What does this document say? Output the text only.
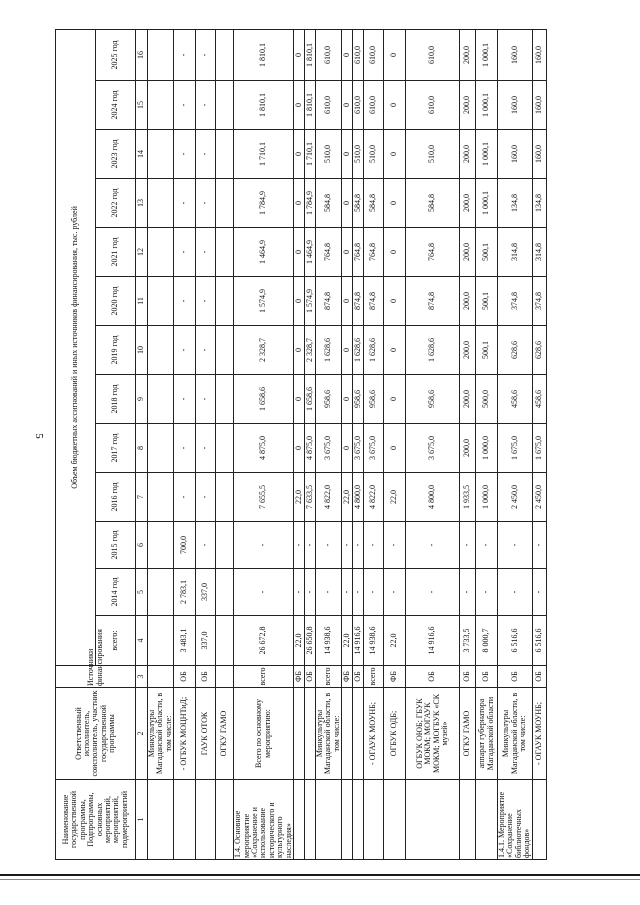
5
Наименование государственной программы, Подпрограммы, основных мероприятий, мероприятий, подмероприятий	Ответственный исполнитель, соисполнитель, участник государственной программы	Источники финансирования	Объем бюджетных ассигнований и иных источников финансирования, тыс. рублей												
			всего:	2014 год	2015 год	2016 год	2017 год	2018 год	2019 год	2020 год	2021 год	2022 год	2023 год	2024 год	2025 год
1	2	3	4	5	6	7	8	9	10	11	12	13	14	15	16
	Минкультуры Магаданской области, в том числе:														
	- ОГБУК МОЦНТиД;	ОБ	3 483,1	2 783,1	700,0	-	-	-	-	-	-	-	-	-	-
	ГАУК ОТОК	ОБ	337,0	337,0	-	-	-	-	-	-	-	-	-	-	-
	ОГКУ ГАМО														
1.4. Основное мероприятие «Сохранение и использование исторического и культурного наследия»	Всего по основному мероприятию:	всего	26 672,8	-	-	7 655,5	4 875,0	1 658,6	2 328,7	1 574,9	1 464,9	1 784,9	1 710,1	1 810,1	1 810,1
		ФБ	22,0	-	-	22,0	0	0	0	0	0	0	0	0	0
		ОБ	26 650,8	-	-	7 633,5	4 875,0	1 658,6	2 328,7	1 574,9	1 464,9	1 784,9	1 710,1	1 810,1	1 810,1
	Минкультуры Магаданской области, в том числе:	всего	14 938,6	-	-	4 822,0	3 675,0	958,6	1 628,6	874,8	764,8	584,8	510,0	610,0	610,0
		ФБ	22,0	-	-	22,0	0	0	0	0	0	0	0	0	0
		ОБ	14 916,6	-	-	4 800,0	3 675,0	958,6	1 628,6	874,8	764,8	584,8	510,0	610,0	610,0
	- ОГАУК МОУНБ;	всего	14 938,6	-	-	4 822,0	3 675,0	958,6	1 628,6	874,8	764,8	584,8	510,0	610,0	610,0
	ОГБУК ОДБ;	ФБ	22,0	-	-	22,0	0	0	0	0	0	0	0	0	0
	ОГБУК ОЮБ; ГБУК МОКМ; МОГАУК МОКМ; МОГБУК «СК музей»	ОБ	14 916,6	-	-	4 800,0	3 675,0	958,6	1 628,6	874,8	764,8	584,8	510,0	610,0	610,0
	ОГКУ ГАМО	ОБ	3 733,5	-	-	1 933,5	200,0	200,0	200,0	200,0	200,0	200,0	200,0	200,0	200,0
	аппарат губернатора Магаданской области	ОБ	8 000,7	-	-	1 000,0	1 000,0	500,0	500,1	500,1	500,1	1 000,1	1 000,1	1 000,1	1 000,1
1.4.1. Мероприятие «Сохранение библиотечных фондов»	Минкультуры Магаданской области, в том числе:	ОБ	6 516,6	-	-	2 450,0	1 675,0	458,6	628,6	374,8	314,8	134,8	160,0	160,0	160,0
	- ОГАУК МОУНБ;	ОБ	6 516,6	-	-	2 450,0	1 675,0	458,6	628,6	374,8	314,8	134,8	160,0	160,0	160,0
